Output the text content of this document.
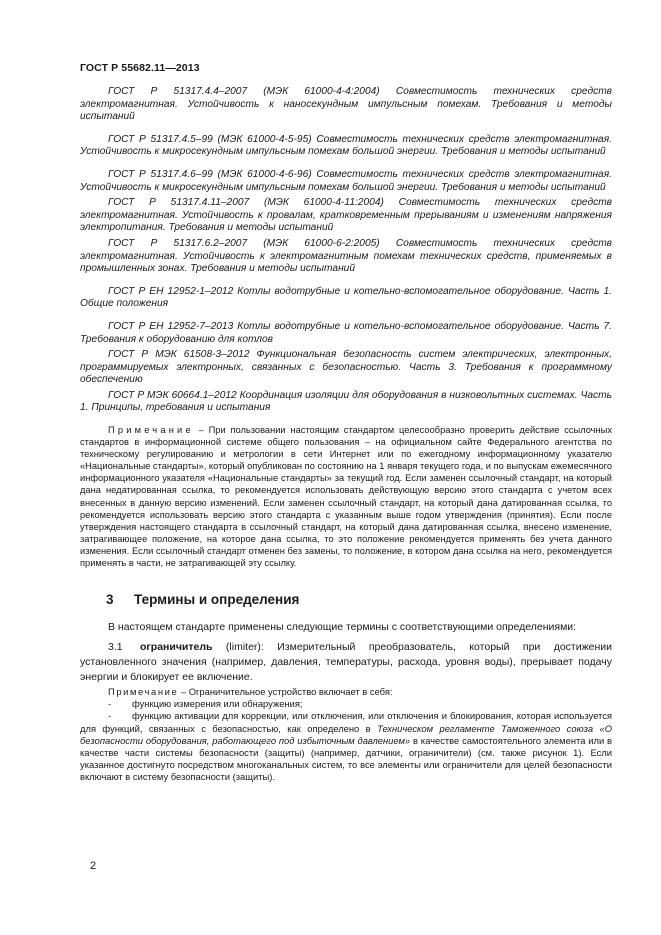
ГОСТ Р 55682.11—2013

ГОСТ Р 51317.4.4–2007 (МЭК 61000-4-4:2004) Совместимость технических средств электромагнитная. Устойчивость к наносекундным импульсным помехам. Требования и методы испытаний

ГОСТ Р 51317.4.5–99 (МЭК 61000-4-5-95) Совместимость технических средств электромагнитная. Устойчивость к микросекундным импульсным помехам большой энергии. Требования и методы испытаний

ГОСТ Р 51317.4.6–99 (МЭК 61000-4-6-96) Совместимость технических средств электромагнитная. Устойчивость к микросекундным импульсным помехам большой энергии. Требования и методы испытаний

ГОСТ Р 51317.4.11–2007 (МЭК 61000-4-11:2004) Совместимость технических средств электромагнитная. Устойчивость к провалам, кратковременным прерываниям и изменениям напряжения электропитания. Требования и методы испытаний

ГОСТ Р 51317.6.2–2007 (МЭК 61000-6-2:2005) Совместимость технических средств электромагнитная. Устойчивость к электромагнитным помехам технических средств, применяемых в промышленных зонах. Требования и методы испытаний

ГОСТ Р ЕН 12952-1–2012 Котлы водотрубные и котельно-вспомогательное оборудование. Часть 1. Общие положения

ГОСТ Р ЕН 12952-7–2013 Котлы водотрубные и котельно-вспомогательное оборудование. Часть 7. Требования к оборудованию для котлов

ГОСТ Р МЭК 61508-3–2012 Функциональная безопасность систем электрических, электронных, программируемых электронных, связанных с безопасностью. Часть 3. Требования к программному обеспечению

ГОСТ Р МЭК 60664.1–2012 Координация изоляции для оборудования в низковольтных системах. Часть 1. Принципы, требования и испытания

Примечание – При пользовании настоящим стандартом целесообразно проверить действие ссылочных стандартов в информационной системе общего пользования – на официальном сайте Федерального агентства по техническому регулированию и метрологии в сети Интернет или по ежегодному информационному указателю «Национальные стандарты», который опубликован по состоянию на 1 января текущего года, и по выпускам ежемесячного информационного указателя «Национальные стандарты» за текущий год. Если заменен ссылочный стандарт, на который дана недатированная ссылка, то рекомендуется использовать действующую версию этого стандарта с учетом всех внесенных в данную версию изменений. Если заменен ссылочный стандарт, на который дана датированная ссылка, то рекомендуется использовать версию этого стандарта с указанным выше годом утверждения (принятия). Если после утверждения настоящего стандарта в ссылочный стандарт, на который дана датированная ссылка, внесено изменение, затрагивающее положение, на которое дана ссылка, то это положение рекомендуется применять без учета данного изменения. Если ссылочный стандарт отменен без замены, то положение, в котором дана ссылка на него, рекомендуется применять в части, не затрагивающей эту ссылку.

3 Термины и определения

В настоящем стандарте применены следующие термины с соответствующими определениями:

3.1 ограничитель (limiter): Измерительный преобразователь, который при достижении установленного значения (например, давления, температуры, расхода, уровня воды), прерывает подачу энергии и блокирует ее включение.

Примечание – Ограничительное устройство включает в себя:

- функцию измерения или обнаружения;

- функцию активации для коррекции, или отключения, или отключения и блокирования, которая используется для функций, связанных с безопасностью, как определено в Техническом регламенте Таможенного союза «О безопасности оборудования, работающего под избыточным давлением» в качестве самостоятельного элемента или в качестве части системы безопасности (защиты) (например, датчики, ограничители) (см. также рисунок 1). Если указанное достигнуто посредством многоканальных систем, то все элементы или ограничители для целей безопасности включают в систему безопасности (защиты).

2
